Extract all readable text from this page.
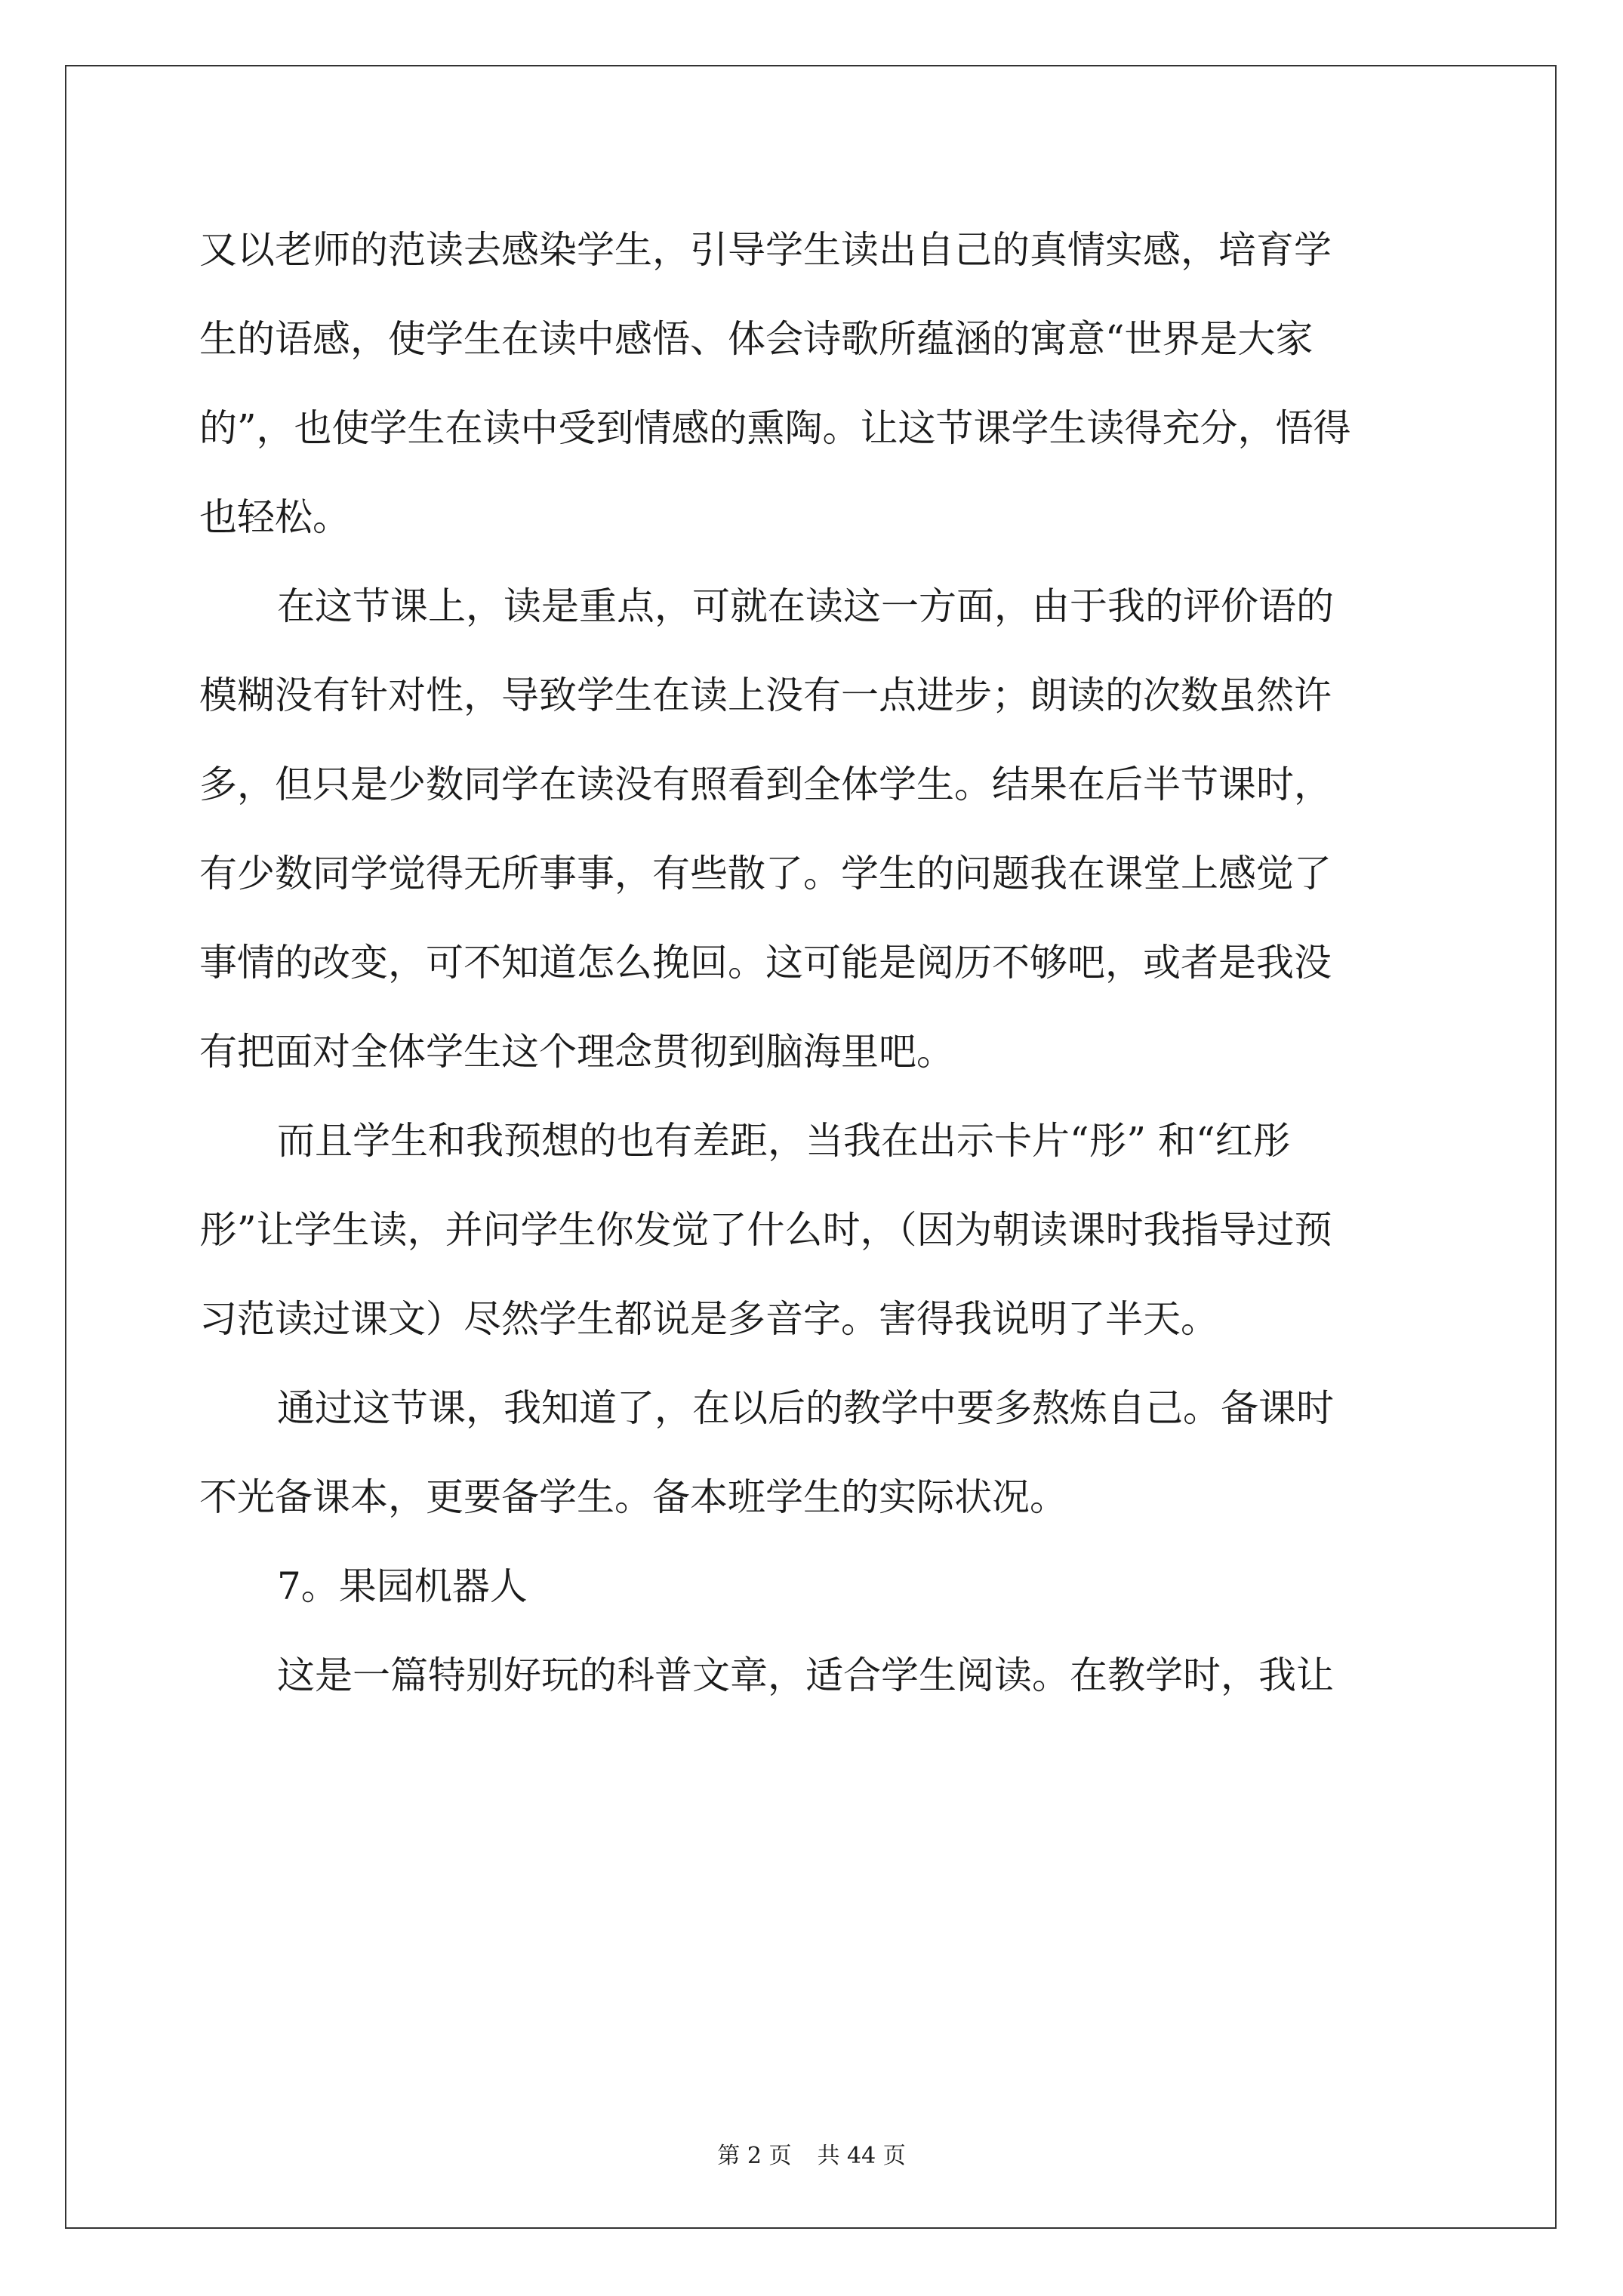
又以老师的范读去感染学生，引导学生读出自己的真情实感，培育学
生的语感，使学生在读中感悟、体会诗歌所蕴涵的寓意“世界是大家
的”，也使学生在读中受到情感的熏陶。让这节课学生读得充分，悟得
也轻松。
在这节课上，读是重点，可就在读这一方面，由于我的评价语的
模糊没有针对性，导致学生在读上没有一点进步；朗读的次数虽然许
多，但只是少数同学在读没有照看到全体学生。结果在后半节课时，
有少数同学觉得无所事事，有些散了。学生的问题我在课堂上感觉了
事情的改变，可不知道怎么挽回。这可能是阅历不够吧，或者是我没
有把面对全体学生这个理念贯彻到脑海里吧。
而且学生和我预想的也有差距，当我在出示卡片“彤” 和“红彤
彤”让学生读，并问学生你发觉了什么时，（因为朝读课时我指导过预
习范读过课文）尽然学生都说是多音字。害得我说明了半天。
通过这节课，我知道了，在以后的教学中要多熬炼自己。备课时
不光备课本，更要备学生。备本班学生的实际状况。
7。果园机器人
这是一篇特别好玩的科普文章，适合学生阅读。在教学时，我让
第 2 页 共 44 页
